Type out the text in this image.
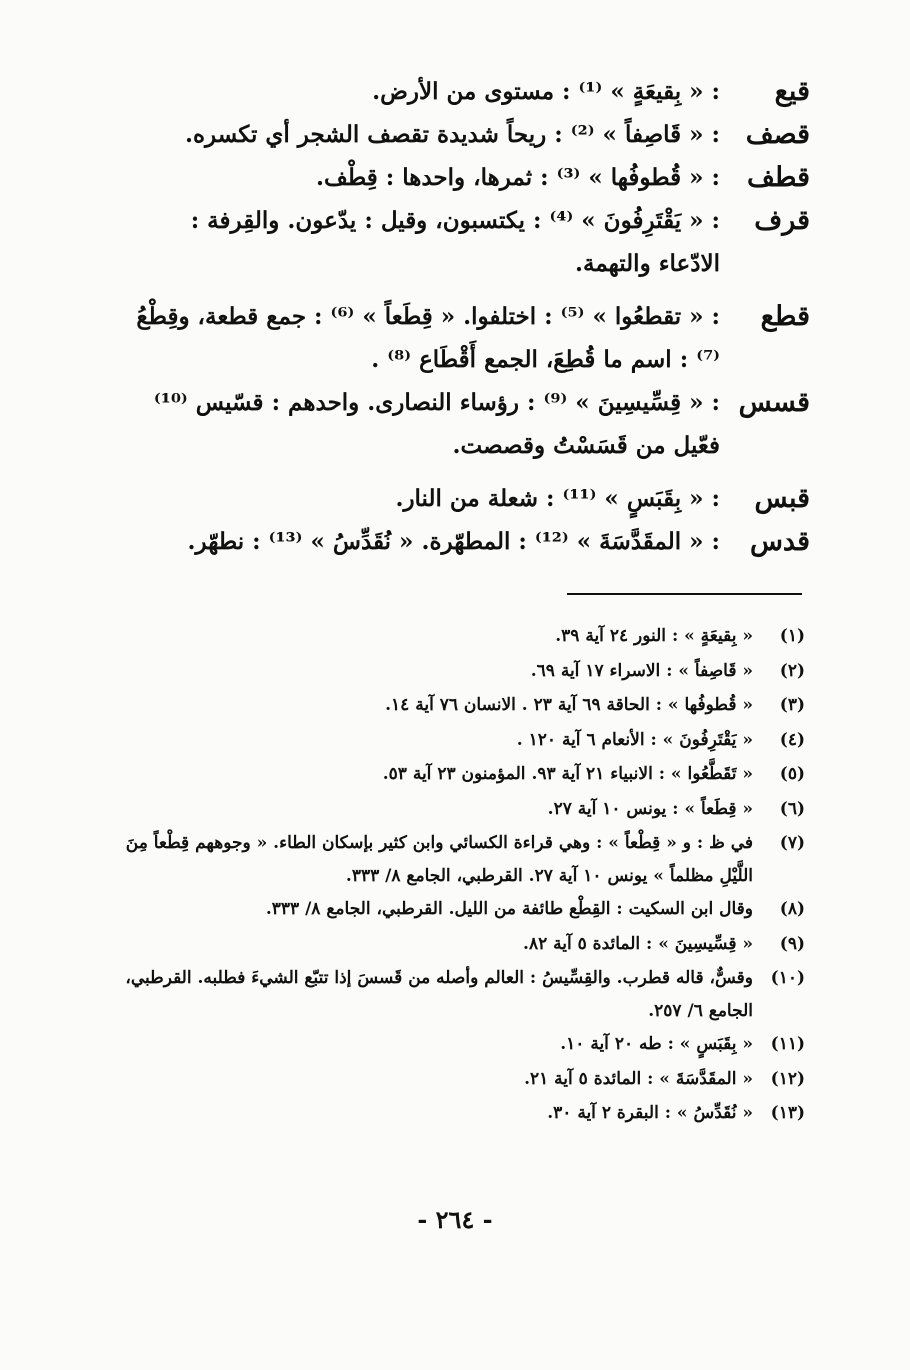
قيع
: « بِقيعَةٍ » ⁽¹⁾ : مستوى من الأرض.
قصف
: « قَاصِفاً » ⁽²⁾ : ريحاً شديدة تقصف الشجر أي تكسره.
قطف
: « قُطوفُها » ⁽³⁾ : ثمرها، واحدها : قِطْف.
قرف
: « يَقْتَرِفُونَ » ⁽⁴⁾ : يكتسبون، وقيل : يدّعون. والقِرفة : الادّعاء والتهمة.
قطع
: « تقطعُوا » ⁽⁵⁾ : اختلفوا. « قِطَعاً » ⁽⁶⁾ : جمع قطعة، وقِطْعُ ⁽⁷⁾ : اسم ما قُطِعَ، الجمع أَقْطَاع ⁽⁸⁾ .
قسس
: « قِسِّيسِينَ » ⁽⁹⁾ : رؤساء النصارى. واحدهم : قسّيس ⁽¹⁰⁾ فعّيل من قَسَسْتُ وقصصت.
قبس
: « بِقَبَسٍ » ⁽¹¹⁾ : شعلة من النار.
قدس
: « المقَدَّسَةَ » ⁽¹²⁾ : المطهّرة. « نُقَدِّسُ » ⁽¹³⁾ : نطهّر.
(١)
« بِقيعَةٍ » : النور ٢٤ آية ٣٩.
(٢)
« قَاصِفاً » : الاسراء ١٧ آية ٦٩.
(٣)
« قُطوفُها » : الحاقة ٦٩ آية ٢٣ . الانسان ٧٦ آية ١٤.
(٤)
« يَقْتَرِفُونَ » : الأنعام ٦ آية ١٢٠ .
(٥)
« تَقَطَّعُوا » : الانبياء ٢١ آية ٩٣. المؤمنون ٢٣ آية ٥٣.
(٦)
« قِطَعاً » : يونس ١٠ آية ٢٧.
(٧)
في ظ : و « قِطْعاً » : وهي قراءة الكسائي وابن كثير بإسكان الطاء. « وجوههم قِطْعاً مِنَ اللَّيْلِ مظلماً » يونس ١٠ آية ٢٧. القرطبي، الجامع ٨/ ٣٣٣.
(٨)
وقال ابن السكيت : القِطْع طائفة من الليل. القرطبي، الجامع ٨/ ٣٣٣.
(٩)
« قِسِّيسِينَ » : المائدة ٥ آية ٨٢.
(١٠)
وقسٌّ، قاله قطرب. والقِسِّيسُ : العالم وأصله من قَسسَ إذا تتبّع الشيءَ فطلبه. القرطبي، الجامع ٦/ ٢٥٧.
(١١)
« بِقَبَسٍ » : طه ٢٠ آية ١٠.
(١٢)
« المقَدَّسَةَ » : المائدة ٥ آية ٢١.
(١٣)
« نُقَدِّسُ » : البقرة ٢ آية ٣٠.
- ٢٦٤ -
